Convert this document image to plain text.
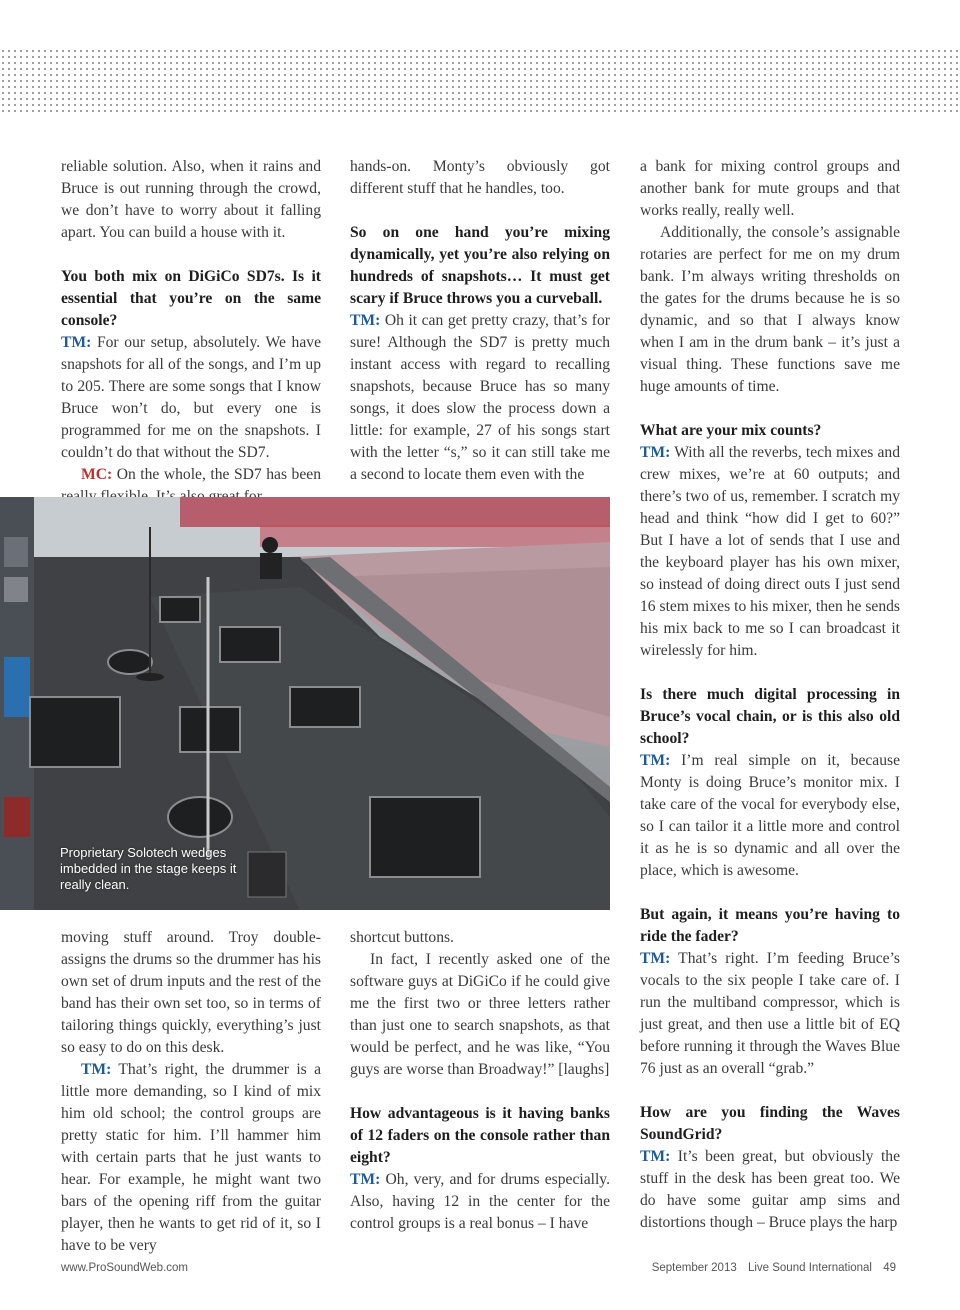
reliable solution. Also, when it rains and Bruce is out running through the crowd, we don’t have to worry about it falling apart. You can build a house with it.

You both mix on DiGiCo SD7s. Is it essential that you’re on the same console?

TM: For our setup, absolutely. We have snapshots for all of the songs, and I’m up to 205. There are some songs that I know Bruce won’t do, but every one is programmed for me on the snapshots. I couldn’t do that without the SD7.

MC: On the whole, the SD7 has been

hands-on. Monty’s obviously got different stuff that he handles, too.

So on one hand you’re mixing dynamically, yet you’re also relying on hundreds of snapshots… It must get scary if Bruce throws you a curveball.

TM: Oh it can get pretty crazy, that’s for sure! Although the SD7 is pretty much instant access with regard to recalling snapshots, because Bruce has so many songs, it does slow the process down a little: for example, 27 of his songs start with the letter “s,” so it can still take me a second to locate them even with the

a bank for mixing control groups and another bank for mute groups and that works really, really well.

Additionally, the console’s assignable rotaries are perfect for me on my drum bank. I’m always writing thresholds on the gates for the drums because he is so dynamic, and so that I always know when I am in the drum bank – it’s just a visual thing. These functions save me huge amounts of time.

What are your mix counts?

TM: With all the reverbs, tech mixes and crew mixes, we’re at 60 outputs; and there’s two of us, remember. I scratch my head and think “how did I get to 60?” But I have a lot of sends that I use and the keyboard player has his own mixer, so instead of doing direct outs I just send 16 stem mixes to his mixer, then he sends his mix back to me so I can broadcast it wirelessly for him.

Is there much digital processing in Bruce’s vocal chain, or is this also old school?

TM: I’m real simple on it, because Monty is doing Bruce’s monitor mix. I take care of the vocal for everybody else, so I can tailor it a little more and control it as he is so dynamic and all over the place, which is awesome.

But again, it means you’re having to ride the fader?

TM: That’s right. I’m feeding Bruce’s vocals to the six people I take care of. I run the multiband compressor, which is just great, and then use a little bit of EQ before running it through the Waves Blue 76 just as an overall “grab.”

How are you finding the Waves SoundGrid?

TM: It’s been great, but obviously the stuff in the desk has been great too. We do have some guitar amp sims and distortions though – Bruce plays the harp

Proprietary Solotech wedges imbedded in the stage keeps it really clean.

moving stuff around. Troy double-assigns the drums so the drummer has his own set of drum inputs and the rest of the band has their own set too, so in terms of tailoring things quickly, everything’s just so easy to do on this desk.

TM: That’s right, the drummer is a little more demanding, so I kind of mix him old school; the control groups are pretty static for him. I’ll hammer him with certain parts that he just wants to hear. For example, he might want two bars of the opening riff from the guitar player, then he wants to get rid of it, so I have to be very

shortcut buttons.

In fact, I recently asked one of the software guys at DiGiCo if he could give me the first two or three letters rather than just one to search snapshots, as that would be perfect, and he was like, “You guys are worse than Broadway!” [laughs]

How advantageous is it having banks of 12 faders on the console rather than eight?

TM: Oh, very, and for drums especially. Also, having 12 in the center for the control groups is a real bonus – I have

www.ProSoundWeb.com	September 2013 Live Sound International 49
